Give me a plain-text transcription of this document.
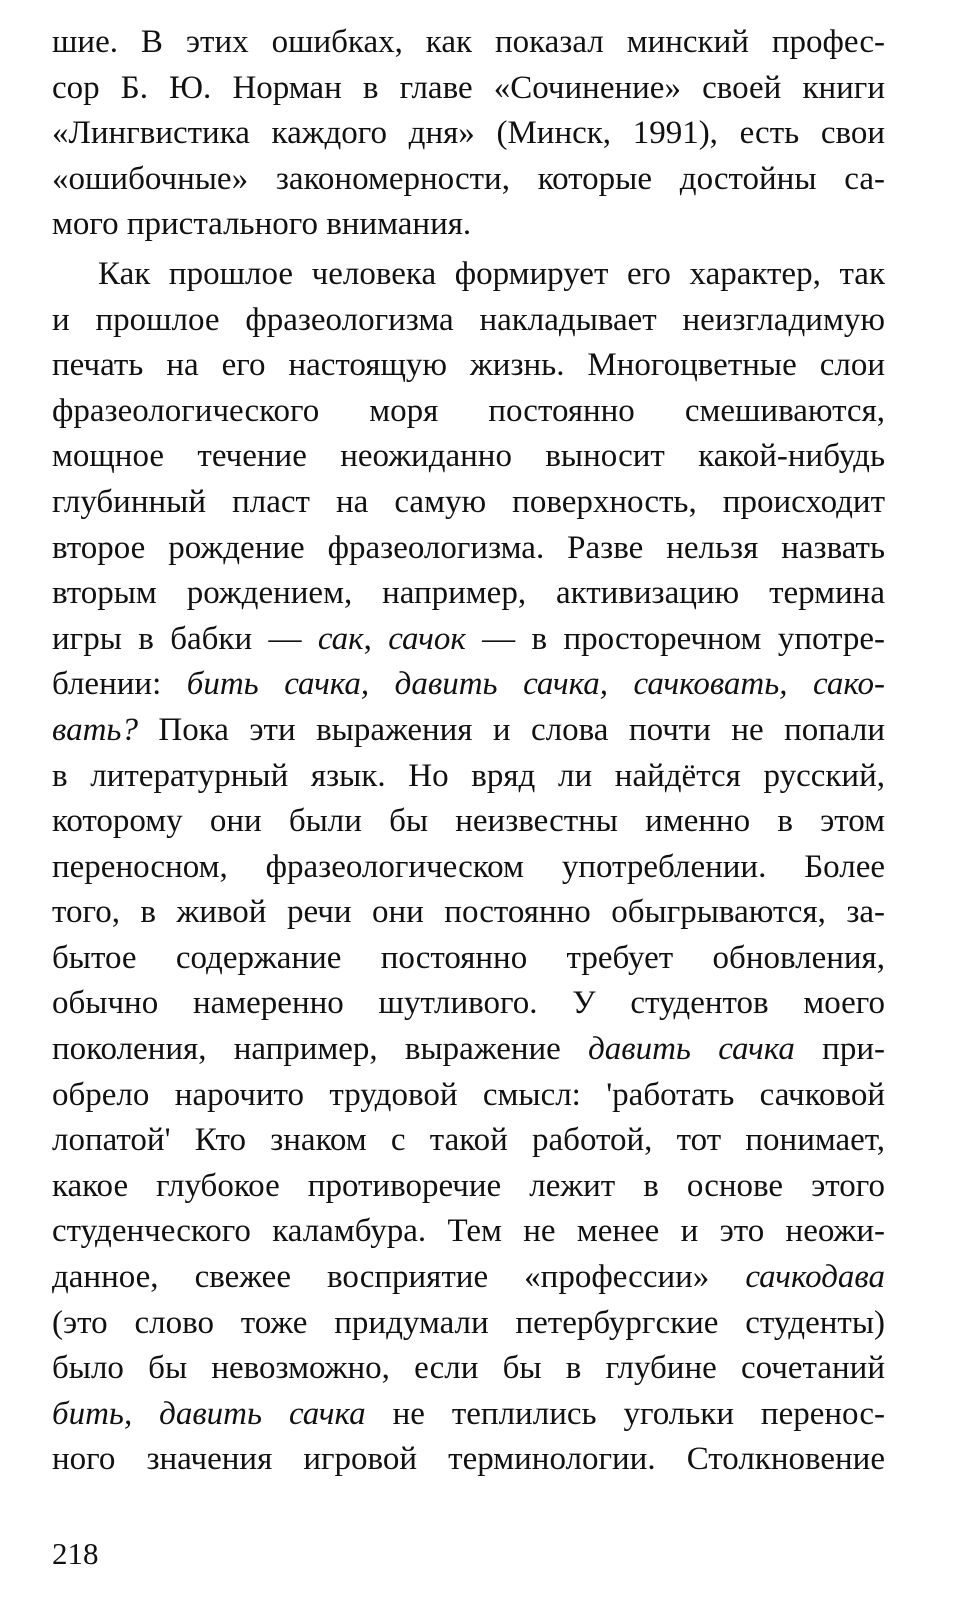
шие. В этих ошибках, как показал минский профес-
сор Б. Ю. Норман в главе «Сочинение» своей книги
«Лингвистика каждого дня» (Минск, 1991), есть свои
«ошибочные» закономерности, которые достойны са-
мого пристального внимания.
Как прошлое человека формирует его характер, так
и прошлое фразеологизма накладывает неизгладимую
печать на его настоящую жизнь. Многоцветные слои
фразеологического моря постоянно смешиваются,
мощное течение неожиданно выносит какой-нибудь
глубинный пласт на самую поверхность, происходит
второе рождение фразеологизма. Разве нельзя назвать
вторым рождением, например, активизацию термина
игры в бабки — сак, сачок — в просторечном употре-
блении: бить сачка, давить сачка, сачковать, сако-
вать? Пока эти выражения и слова почти не попали
в литературный язык. Но вряд ли найдётся русский,
которому они были бы неизвестны именно в этом
переносном, фразеологическом употреблении. Более
того, в живой речи они постоянно обыгрываются, за-
бытое содержание постоянно требует обновления,
обычно намеренно шутливого. У студентов моего
поколения, например, выражение давить сачка при-
обрело нарочито трудовой смысл: 'работать сачковой
лопатой' Кто знаком с такой работой, тот понимает,
какое глубокое противоречие лежит в основе этого
студенческого каламбура. Тем не менее и это неожи-
данное, свежее восприятие «профессии» сачкодава
(это слово тоже придумали петербургские студенты)
было бы невозможно, если бы в глубине сочетаний
бить, давить сачка не теплились угольки перенос-
ного значения игровой терминологии. Столкновение
218
